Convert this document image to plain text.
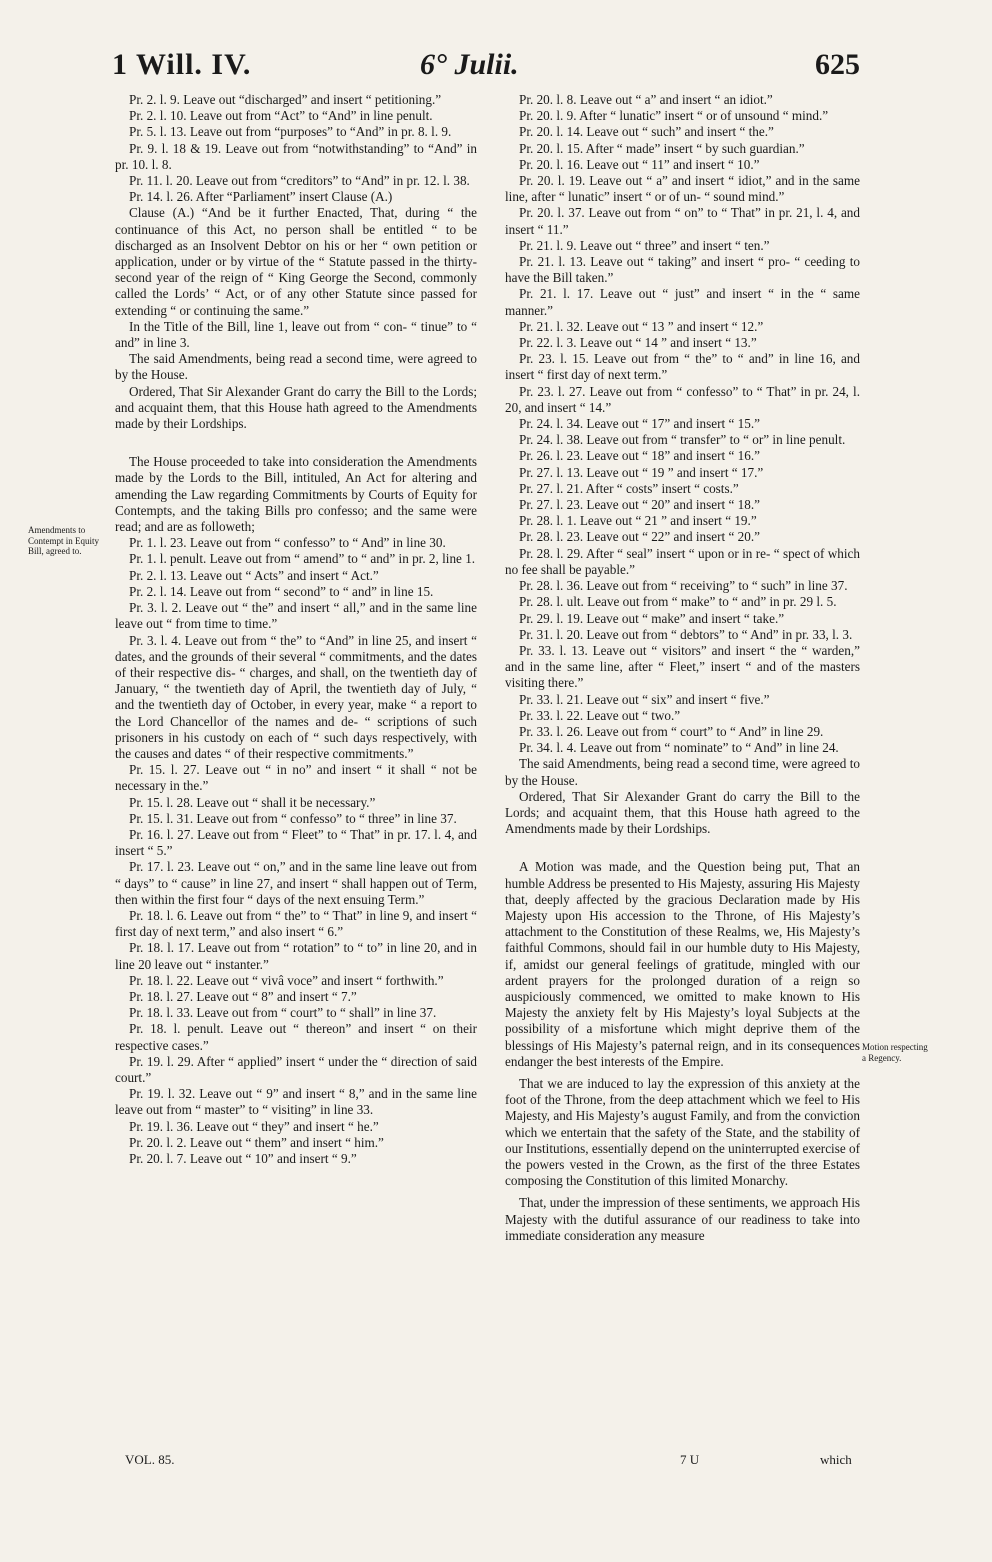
1 Will. IV.	6° Julii.	625
Amendments to Contempt in Equity Bill, agreed to.
Motion respecting a Regency.

Pr. 2. l. 9. Leave out “discharged” and insert “ petitioning.”

Pr. 2. l. 10. Leave out from “Act” to “And” in line penult.

Pr. 5. l. 13. Leave out from “purposes” to “And” in pr. 8. l. 9.

Pr. 9. l. 18 & 19. Leave out from “notwithstanding” to “And” in pr. 10. l. 8.

Pr. 11. l. 20. Leave out from “creditors” to “And” in pr. 12. l. 38.

Pr. 14. l. 26. After “Parliament” insert Clause (A.)

Clause (A.) “And be it further Enacted, That, during “ the continuance of this Act, no person shall be entitled “ to be discharged as an Insolvent Debtor on his or her “ own petition or application, under or by virtue of the “ Statute passed in the thirty-second year of the reign of “ King George the Second, commonly called the Lords’ “ Act, or of any other Statute since passed for extending “ or continuing the same.”

In the Title of the Bill, line 1, leave out from “ con- “ tinue” to “ and” in line 3.

The said Amendments, being read a second time, were agreed to by the House.

Ordered, That Sir Alexander Grant do carry the Bill to the Lords; and acquaint them, that this House hath agreed to the Amendments made by their Lordships.

The House proceeded to take into consideration the Amendments made by the Lords to the Bill, intituled, An Act for altering and amending the Law regarding Commitments by Courts of Equity for Contempts, and the taking Bills pro confesso; and the same were read; and are as followeth;

Pr. 1. l. 23. Leave out from “ confesso” to “ And” in line 30.

Pr. 1. l. penult. Leave out from “ amend” to “ and” in pr. 2, line 1.

Pr. 2. l. 13. Leave out “ Acts” and insert “ Act.”

Pr. 2. l. 14. Leave out from “ second” to “ and” in line 15.

Pr. 3. l. 2. Leave out “ the” and insert “ all,” and in the same line leave out “ from time to time.”

Pr. 3. l. 4. Leave out from “ the” to “And” in line 25, and insert “ dates, and the grounds of their several “ commitments, and the dates of their respective dis- “ charges, and shall, on the twentieth day of January, “ the twentieth day of April, the twentieth day of July, “ and the twentieth day of October, in every year, make “ a report to the Lord Chancellor of the names and de- “ scriptions of such prisoners in his custody on each of “ such days respectively, with the causes and dates “ of their respective commitments.”

Pr. 15. l. 27. Leave out “ in no” and insert “ it shall “ not be necessary in the.”

Pr. 15. l. 28. Leave out “ shall it be necessary.”

Pr. 15. l. 31. Leave out from “ confesso” to “ three” in line 37.

Pr. 16. l. 27. Leave out from “ Fleet” to “ That” in pr. 17. l. 4, and insert “ 5.”

Pr. 17. l. 23. Leave out “ on,” and in the same line leave out from “ days” to “ cause” in line 27, and insert “ shall happen out of Term, then within the first four “ days of the next ensuing Term.”

Pr. 18. l. 6. Leave out from “ the” to “ That” in line 9, and insert “ first day of next term,” and also insert “ 6.”

Pr. 18. l. 17. Leave out from “ rotation” to “ to” in line 20, and in line 20 leave out “ instanter.”

Pr. 18. l. 22. Leave out “ vivâ voce” and insert “ forthwith.”

Pr. 18. l. 27. Leave out “ 8” and insert “ 7.”

Pr. 18. l. 33. Leave out from “ court” to “ shall” in line 37.

Pr. 18. l. penult. Leave out “ thereon” and insert “ on their respective cases.”

Pr. 19. l. 29. After “ applied” insert “ under the “ direction of said court.”

Pr. 19. l. 32. Leave out “ 9” and insert “ 8,” and in the same line leave out from “ master” to “ visiting” in line 33.

Pr. 19. l. 36. Leave out “ they” and insert “ he.”

Pr. 20. l. 2. Leave out “ them” and insert “ him.”

Pr. 20. l. 7. Leave out “ 10” and insert “ 9.”

Pr. 20. l. 8. Leave out “ a” and insert “ an idiot.”

Pr. 20. l. 9. After “ lunatic” insert “ or of unsound “ mind.”

Pr. 20. l. 14. Leave out “ such” and insert “ the.”

Pr. 20. l. 15. After “ made” insert “ by such guardian.”

Pr. 20. l. 16. Leave out “ 11” and insert “ 10.”

Pr. 20. l. 19. Leave out “ a” and insert “ idiot,” and in the same line, after “ lunatic” insert “ or of un- “ sound mind.”

Pr. 20. l. 37. Leave out from “ on” to “ That” in pr. 21, l. 4, and insert “ 11.”

Pr. 21. l. 9. Leave out “ three” and insert “ ten.”

Pr. 21. l. 13. Leave out “ taking” and insert “ pro- “ ceeding to have the Bill taken.”

Pr. 21. l. 17. Leave out “ just” and insert “ in the “ same manner.”

Pr. 21. l. 32. Leave out “ 13 ” and insert “ 12.”

Pr. 22. l. 3. Leave out “ 14 ” and insert “ 13.”

Pr. 23. l. 15. Leave out from “ the” to “ and” in line 16, and insert “ first day of next term.”

Pr. 23. l. 27. Leave out from “ confesso” to “ That” in pr. 24, l. 20, and insert “ 14.”

Pr. 24. l. 34. Leave out “ 17” and insert “ 15.”

Pr. 24. l. 38. Leave out from “ transfer” to “ or” in line penult.

Pr. 26. l. 23. Leave out “ 18” and insert “ 16.”

Pr. 27. l. 13. Leave out “ 19 ” and insert “ 17.”

Pr. 27. l. 21. After “ costs” insert “ costs.”

Pr. 27. l. 23. Leave out “ 20” and insert “ 18.”

Pr. 28. l. 1. Leave out “ 21 ” and insert “ 19.”

Pr. 28. l. 23. Leave out “ 22” and insert “ 20.”

Pr. 28. l. 29. After “ seal” insert “ upon or in re- “ spect of which no fee shall be payable.”

Pr. 28. l. 36. Leave out from “ receiving” to “ such” in line 37.

Pr. 28. l. ult. Leave out from “ make” to “ and” in pr. 29 l. 5.

Pr. 29. l. 19. Leave out “ make” and insert “ take.”

Pr. 31. l. 20. Leave out from “ debtors” to “ And” in pr. 33, l. 3.

Pr. 33. l. 13. Leave out “ visitors” and insert “ the “ warden,” and in the same line, after “ Fleet,” insert “ and of the masters visiting there.”

Pr. 33. l. 21. Leave out “ six” and insert “ five.”

Pr. 33. l. 22. Leave out “ two.”

Pr. 33. l. 26. Leave out from “ court” to “ And” in line 29.

Pr. 34. l. 4. Leave out from “ nominate” to “ And” in line 24.

The said Amendments, being read a second time, were agreed to by the House.

Ordered, That Sir Alexander Grant do carry the Bill to the Lords; and acquaint them, that this House hath agreed to the Amendments made by their Lordships.

A Motion was made, and the Question being put, That an humble Address be presented to His Majesty, assuring His Majesty that, deeply affected by the gracious Declaration made by His Majesty upon His accession to the Throne, of His Majesty’s attachment to the Constitution of these Realms, we, His Majesty’s faithful Commons, should fail in our humble duty to His Majesty, if, amidst our general feelings of gratitude, mingled with our ardent prayers for the prolonged duration of a reign so auspiciously commenced, we omitted to make known to His Majesty the anxiety felt by His Majesty’s loyal Subjects at the possibility of a misfortune which might deprive them of the blessings of His Majesty’s paternal reign, and in its consequences endanger the best interests of the Empire.

That we are induced to lay the expression of this anxiety at the foot of the Throne, from the deep attachment which we feel to His Majesty, and His Majesty’s august Family, and from the conviction which we entertain that the safety of the State, and the stability of our Institutions, essentially depend on the uninterrupted exercise of the powers vested in the Crown, as the first of the three Estates composing the Constitution of this limited Monarchy.

That, under the impression of these sentiments, we approach His Majesty with the dutiful assurance of our readiness to take into immediate consideration any measure

VOL. 85.	7 U	which
